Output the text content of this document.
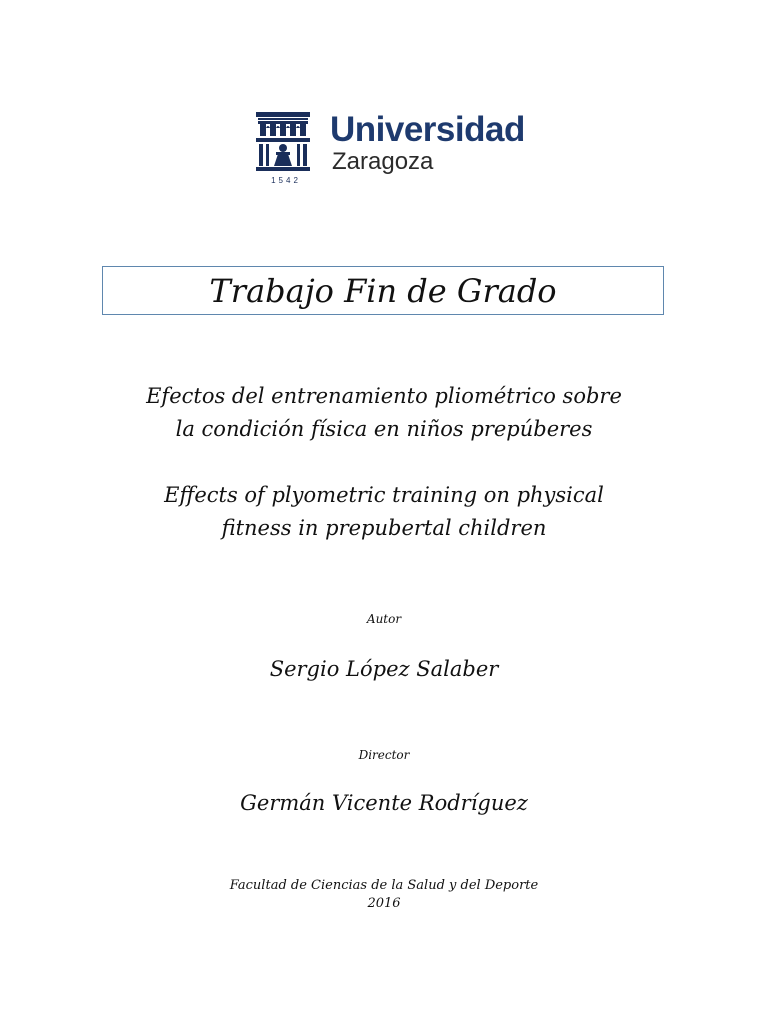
1542
Universidad
Zaragoza
Trabajo Fin de Grado
Efectos del entrenamiento pliométrico sobre
la condición física en niños prepúberes
Effects of plyometric training on physical
fitness in prepubertal children
Autor
Sergio López Salaber
Director
Germán Vicente Rodríguez
Facultad de Ciencias de la Salud y del Deporte
2016
